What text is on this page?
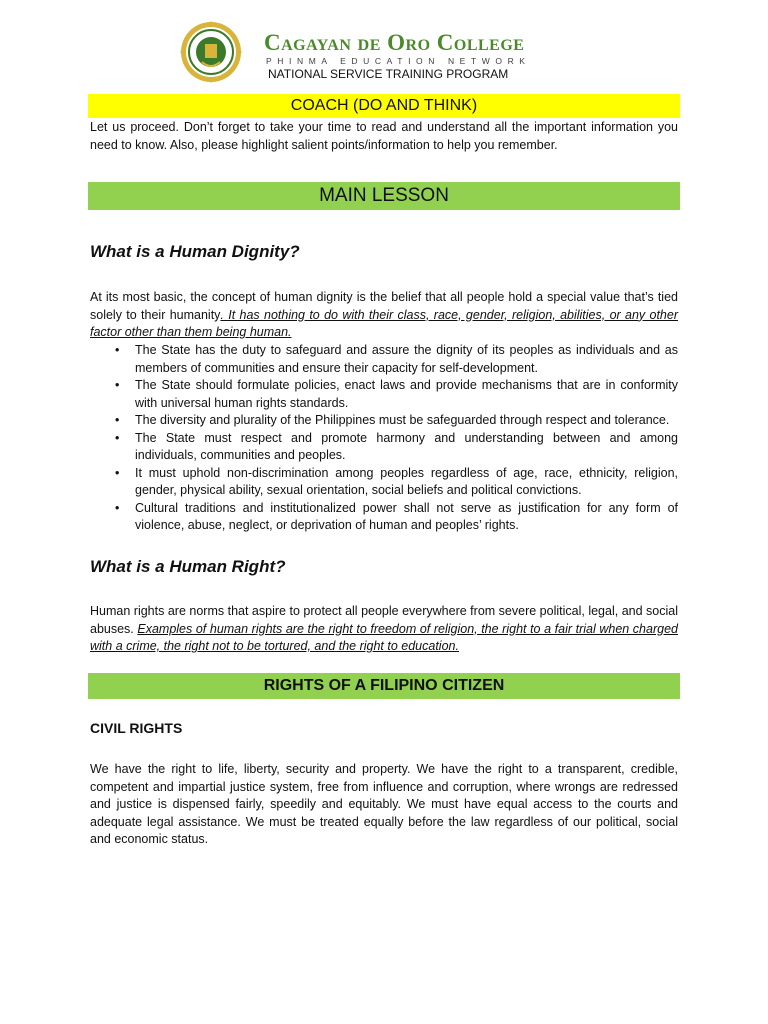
Cagayan de Oro College
PHINMA EDUCATION NETWORK
NATIONAL SERVICE TRAINING PROGRAM
COACH (DO AND THINK)

Let us proceed. Don’t forget to take your time to read and understand all the important information you need to know. Also, please highlight salient points/information to help you remember.

MAIN LESSON
What is a Human Dignity?

At its most basic, the concept of human dignity is the belief that all people hold a special value that’s tied solely to their humanity. It has nothing to do with their class, race, gender, religion, abilities, or any other factor other than them being human.

• The State has the duty to safeguard and assure the dignity of its peoples as individuals and as members of communities and ensure their capacity for self-development.
• The State should formulate policies, enact laws and provide mechanisms that are in conformity with universal human rights standards.
• The diversity and plurality of the Philippines must be safeguarded through respect and tolerance.
• The State must respect and promote harmony and understanding between and among individuals, communities and peoples.
• It must uphold non-discrimination among peoples regardless of age, race, ethnicity, religion, gender, physical ability, sexual orientation, social beliefs and political convictions.
• Cultural traditions and institutionalized power shall not serve as justification for any form of violence, abuse, neglect, or deprivation of human and peoples’ rights.
What is a Human Right?

Human rights are norms that aspire to protect all people everywhere from severe political, legal, and social abuses. Examples of human rights are the right to freedom of religion, the right to a fair trial when charged with a crime, the right not to be tortured, and the right to education.

RIGHTS OF A FILIPINO CITIZEN
CIVIL RIGHTS

We have the right to life, liberty, security and property. We have the right to a transparent, credible, competent and impartial justice system, free from influence and corruption, where wrongs are redressed and justice is dispensed fairly, speedily and equitably. We must have equal access to the courts and adequate legal assistance. We must be treated equally before the law regardless of our political, social and economic status.
